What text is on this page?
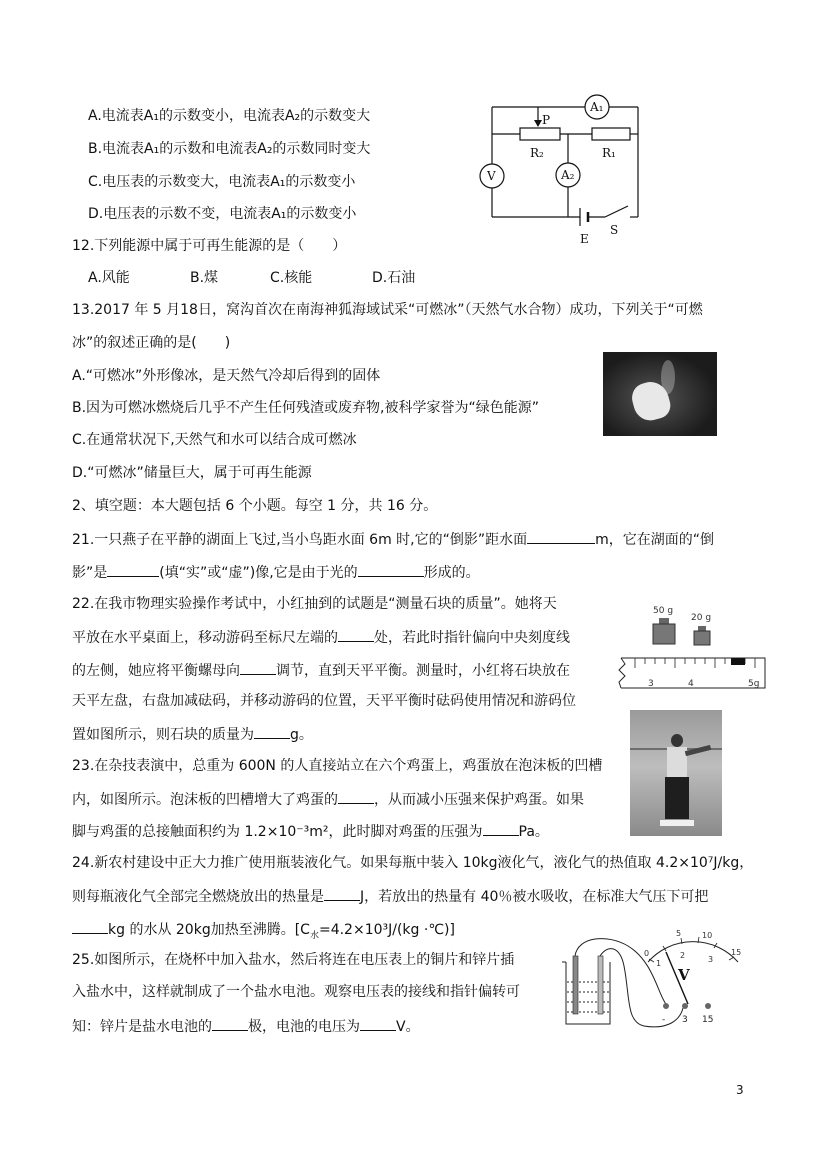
A.电流表A₁的示数变小，电流表A₂的示数变大
B.电流表A₁的示数和电流表A₂的示数同时变大
C.电压表的示数变大，电流表A₁的示数变小
D.电压表的示数不变，电流表A₁的示数变小
A₁
V	A₂
P
R₂	R₁
E
S
12.下列能源中属于可再生能源的是（　　）
A.风能	B.煤	C.核能	D.石油
13.2017 年 5 月18日，窝沟首次在南海神狐海域试采“可燃冰”（天然气水合物）成功，下列关于“可燃
冰”的叙述正确的是(　　)
A.“可燃冰”外形像冰，是天然气冷却后得到的固体
B.因为可燃冰燃烧后几乎不产生任何残渣或废弃物,被科学家誉为“绿色能源”
C.在通常状况下,天然气和水可以结合成可燃冰
D.“可燃冰”储量巨大，属于可再生能源
2、填空题：本大题包括 6 个小题。每空 1 分，共 16 分。
21.一只燕子在平静的湖面上飞过,当小鸟距水面 6m 时,它的“倒影”距水面	m，它在湖面的“倒
影”是	(填“实”或“虚”)像,它是由于光的	形成的。
22.在我市物理实验操作考试中，小红抽到的试题是“测量石块的质量”。她将天
平放在水平桌面上，移动游码至标尺左端的	处，若此时指针偏向中央刻度线
的左侧，她应将平衡螺母向	调节，直到天平平衡。测量时，小红将石块放在
天平左盘，右盘加减砝码，并移动游码的位置，天平平衡时砝码使用情况和游码位
置如图所示，则石块的质量为	g。
50 g
20 g
3	4	5g
23.在杂技表演中，总重为 600N 的人直接站立在六个鸡蛋上，鸡蛋放在泡沫板的凹槽
内，如图所示。泡沫板的凹槽增大了鸡蛋的	，从而减小压强来保护鸡蛋。如果
脚与鸡蛋的总接触面积约为 1.2×10⁻³m²，此时脚对鸡蛋的压强为	Pa。
24.新农村建设中正大力推广使用瓶装液化气。如果每瓶中装入 10kg液化气，液化气的热值取 4.2×10⁷J/kg，
则每瓶液化气全部完全燃烧放出的热量是	J，若放出的热量有 40％被水吸收，在标准大气压下可把
kg 的水从 20kg加热至沸腾。[$C_水=4.2\times 10^3J/(kg$ ·℃)]
25.如图所示，在烧杯中加入盐水，然后将连在电压表上的铜片和锌片插
入盐水中，这样就制成了一个盐水电池。观察电压表的接线和指针偏转可
知：锌片是盐水电池的	极，电池的电压为	V。
0
5	10
15
1
2	3
V
- 3 15
3
